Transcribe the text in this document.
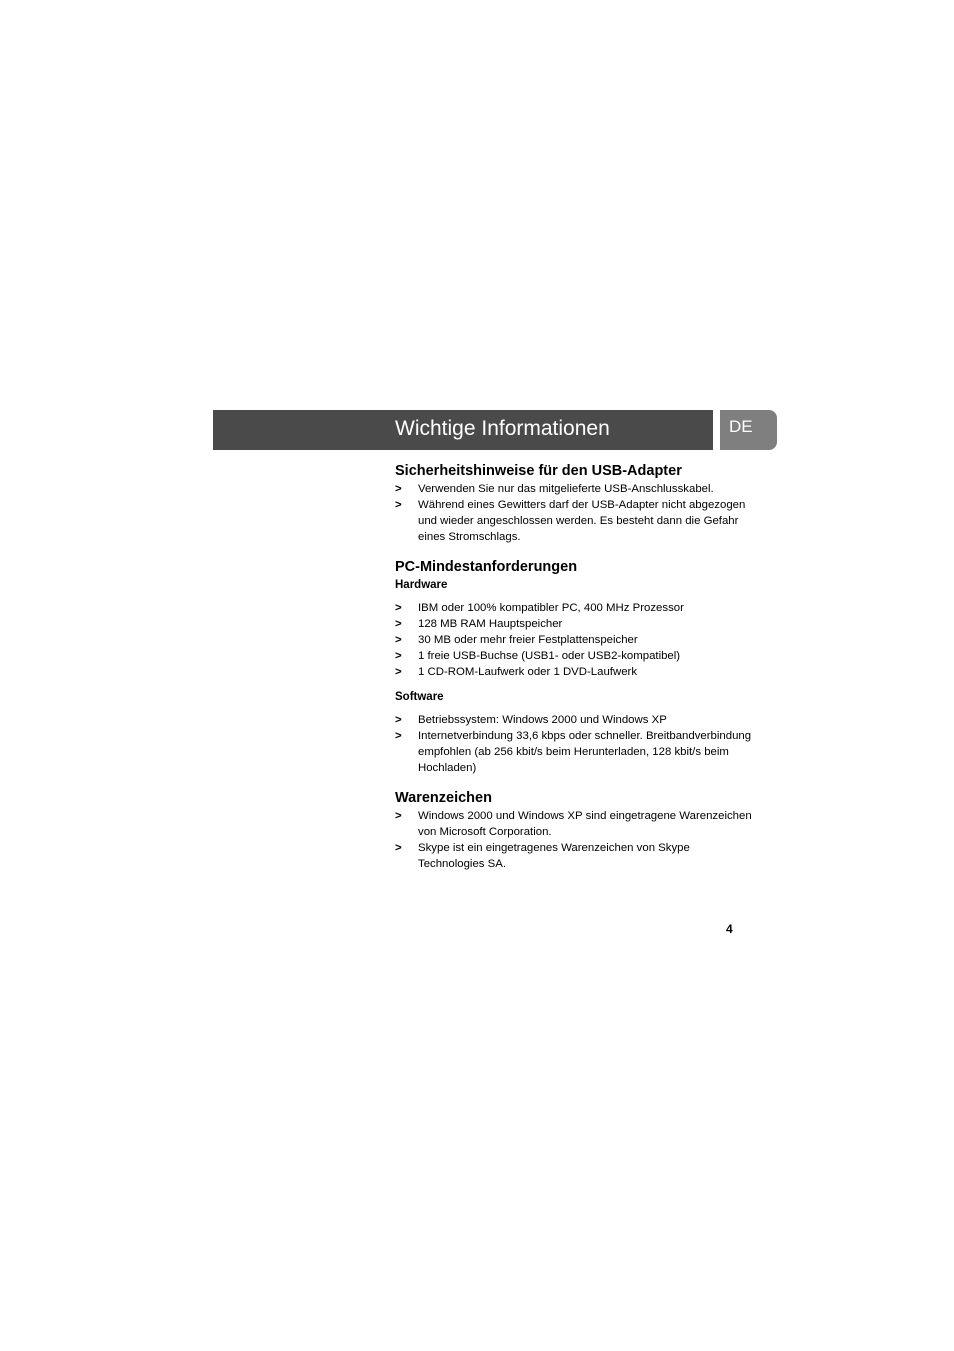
Wichtige Informationen	DE
Sicherheitshinweise für den USB-Adapter
> Verwenden Sie nur das mitgelieferte USB-Anschlusskabel.
> Während eines Gewitters darf der USB-Adapter nicht abgezogen und wieder angeschlossen werden. Es besteht dann die Gefahr eines Stromschlags.
PC-Mindestanforderungen
Hardware
> IBM oder 100% kompatibler PC, 400 MHz Prozessor
> 128 MB RAM Hauptspeicher
> 30 MB oder mehr freier Festplattenspeicher
> 1 freie USB-Buchse (USB1- oder USB2-kompatibel)
> 1 CD-ROM-Laufwerk oder 1 DVD-Laufwerk
Software
> Betriebssystem: Windows 2000 und Windows XP
> Internetverbindung 33,6 kbps oder schneller. Breitbandverbindung empfohlen (ab 256 kbit/s beim Herunterladen, 128 kbit/s beim Hochladen)
Warenzeichen
> Windows 2000 und Windows XP sind eingetragene Warenzeichen von Microsoft Corporation.
> Skype ist ein eingetragenes Warenzeichen von Skype Technologies SA.
4
